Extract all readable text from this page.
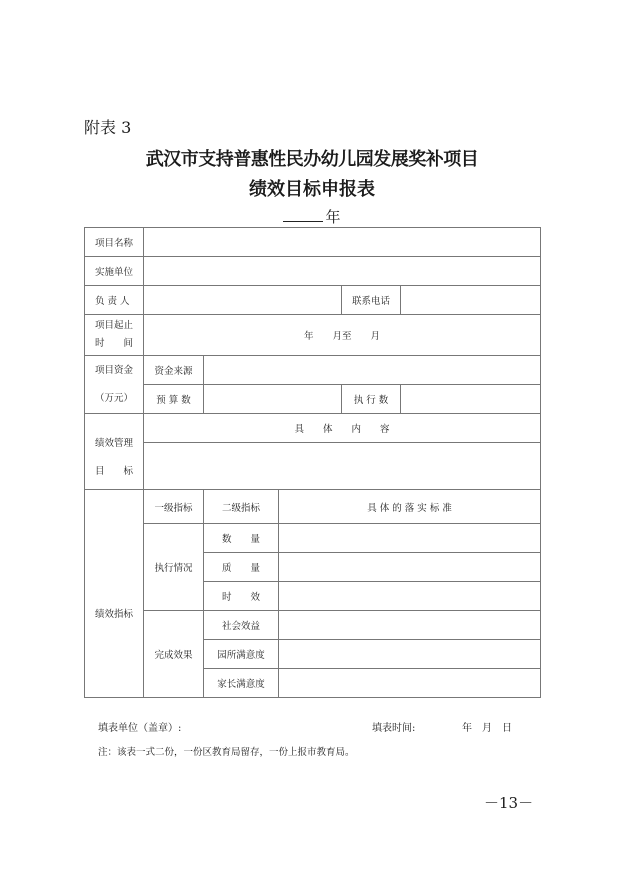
附表 3
武汉市支持普惠性民办幼儿园发展奖补项目
绩效目标申报表
年
项目名称					
实施单位					
负 责 人				联系电话	

项目起止
时　　间	年　　月至　　月				

项目资金
（万元）	资金来源				
	预 算 数			执 行 数	

绩效管理
目　　标	具　　体　　内　　容				

绩效指标	一级指标	二级指标	具 体 的 落 实 标 准		
	执行情况	数　　量			
		质　　量			
		时　　效			
	完成效果	社会效益			
		园所满意度			
		家长满意度			
填表单位（盖章）:	填表时间:	年　月　日
注：该表一式二份，一份区教育局留存，一份上报市教育局。
－13－
